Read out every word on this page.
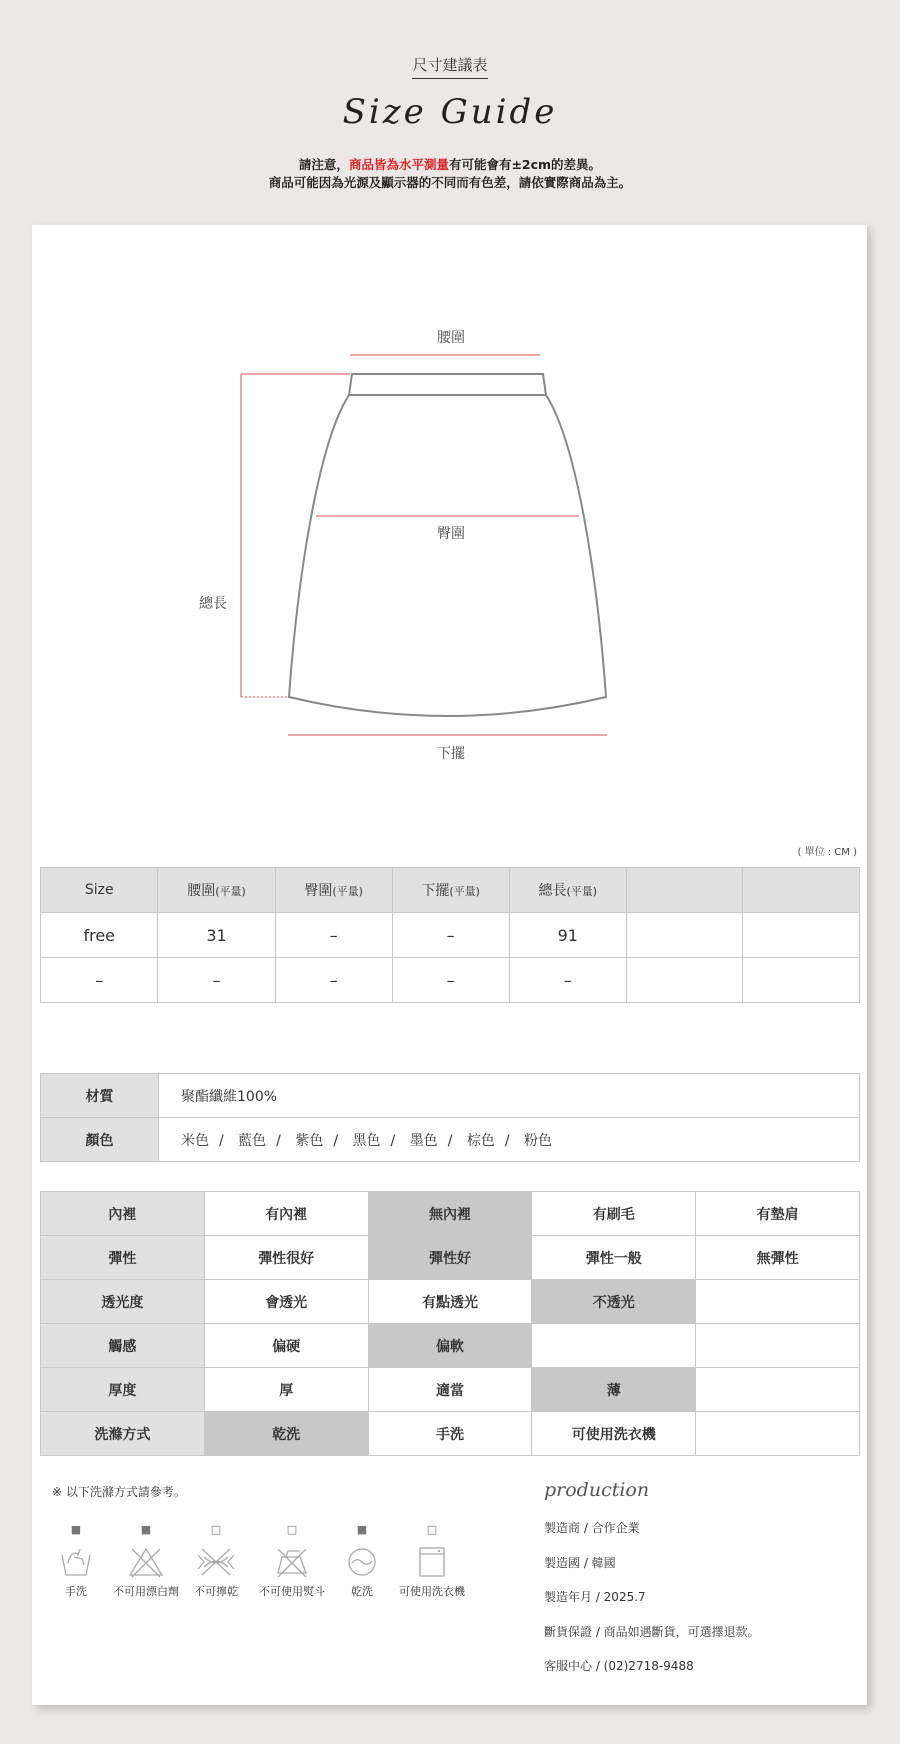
尺寸建議表
Size Guide
請注意，商品皆為水平測量有可能會有±2cm的差異。
商品可能因為光源及顯示器的不同而有色差，請依實際商品為主。
腰圍
臀圍
總長
下擺
( 單位 : CM )
Size	腰圍(平量)	臀圍(平量)	下擺(平量)	總長(平量)		
free	31	–	–	91		
–	–	–	–	–		
材質	聚酯纖維100%
顏色	米色 / 藍色 / 紫色 / 黑色 / 墨色 / 棕色 / 粉色
內裡	有內裡	無內裡	有刷毛	有墊肩
彈性	彈性很好	彈性好	彈性一般	無彈性
透光度	會透光	有點透光	不透光	
觸感	偏硬	偏軟		
厚度	厚	適當	薄	
洗滌方式	乾洗	手洗	可使用洗衣機	
※ 以下洗滌方式請參考。
■
手洗
■
不可用漂白劑
□
不可擰乾
□
不可使用熨斗
■
乾洗
□
可使用洗衣機
production
製造商 / 合作企業
製造國 / 韓國
製造年月 / 2025.7
斷貨保證 / 商品如遇斷貨，可選擇退款。
客服中心 / (02)2718-9488
